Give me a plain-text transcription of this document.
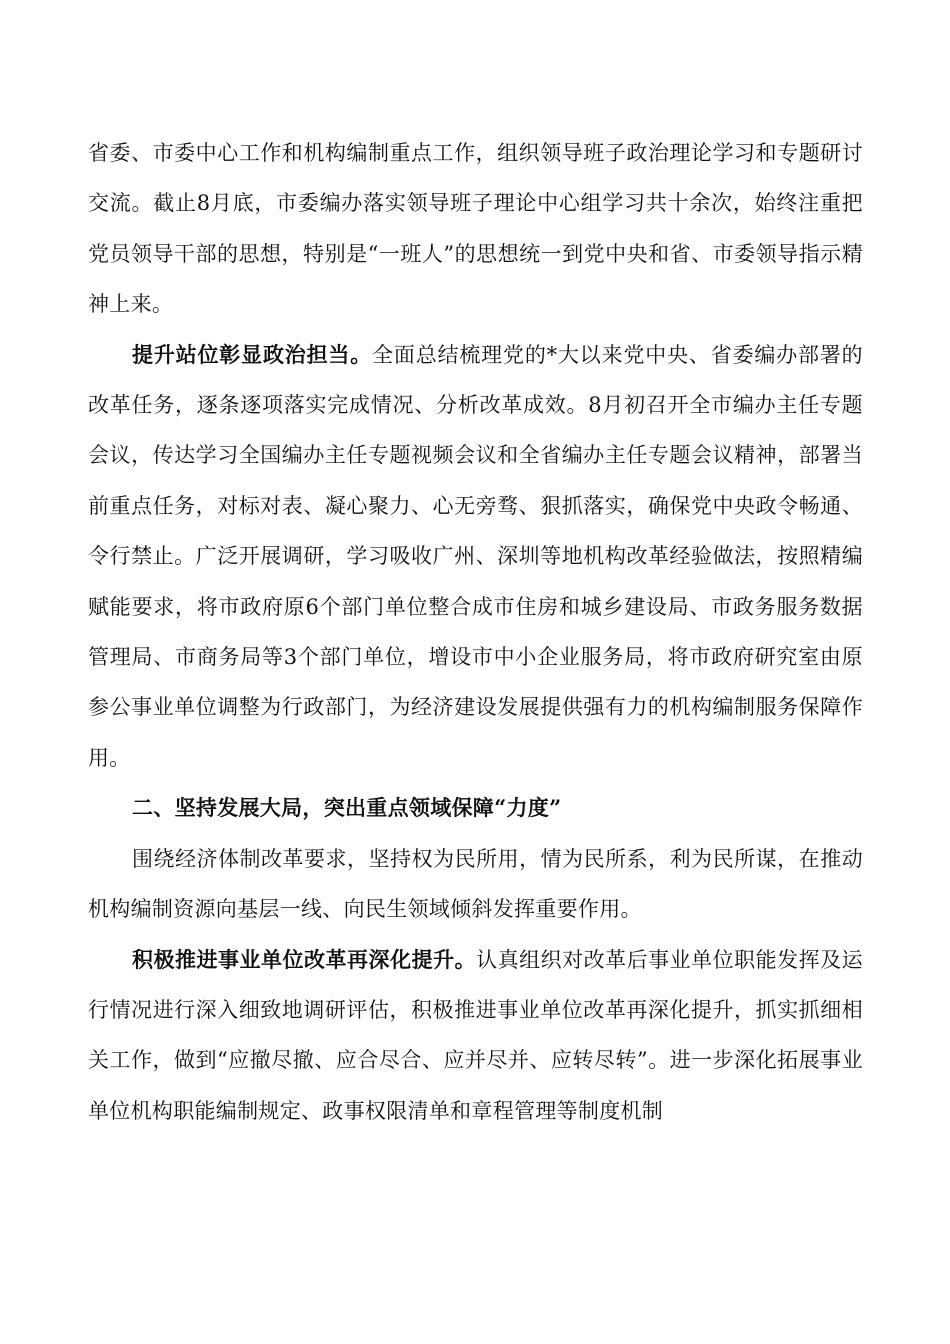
省委、市委中心工作和机构编制重点工作，组织领导班子政治理论学习和专题研讨交流。截止8月底，市委编办落实领导班子理论中心组学习共十余次，始终注重把党员领导干部的思想，特别是“一班人”的思想统一到党中央和省、市委领导指示精神上来。

提升站位彰显政治担当。全面总结梳理党的*大以来党中央、省委编办部署的改革任务，逐条逐项落实完成情况、分析改革成效。8月初召开全市编办主任专题会议，传达学习全国编办主任专题视频会议和全省编办主任专题会议精神，部署当前重点任务，对标对表、凝心聚力、心无旁骛、狠抓落实，确保党中央政令畅通、令行禁止。广泛开展调研，学习吸收广州、深圳等地机构改革经验做法，按照精编赋能要求，将市政府原6个部门单位整合成市住房和城乡建设局、市政务服务数据管理局、市商务局等3个部门单位，增设市中小企业服务局，将市政府研究室由原参公事业单位调整为行政部门，为经济建设发展提供强有力的机构编制服务保障作用。

二、坚持发展大局，突出重点领域保障“力度”

围绕经济体制改革要求，坚持权为民所用，情为民所系，利为民所谋，在推动机构编制资源向基层一线、向民生领域倾斜发挥重要作用。

积极推进事业单位改革再深化提升。认真组织对改革后事业单位职能发挥及运行情况进行深入细致地调研评估，积极推进事业单位改革再深化提升，抓实抓细相关工作，做到“应撤尽撤、应合尽合、应并尽并、应转尽转”。进一步深化拓展事业单位机构职能编制规定、政事权限清单和章程管理等制度机制
